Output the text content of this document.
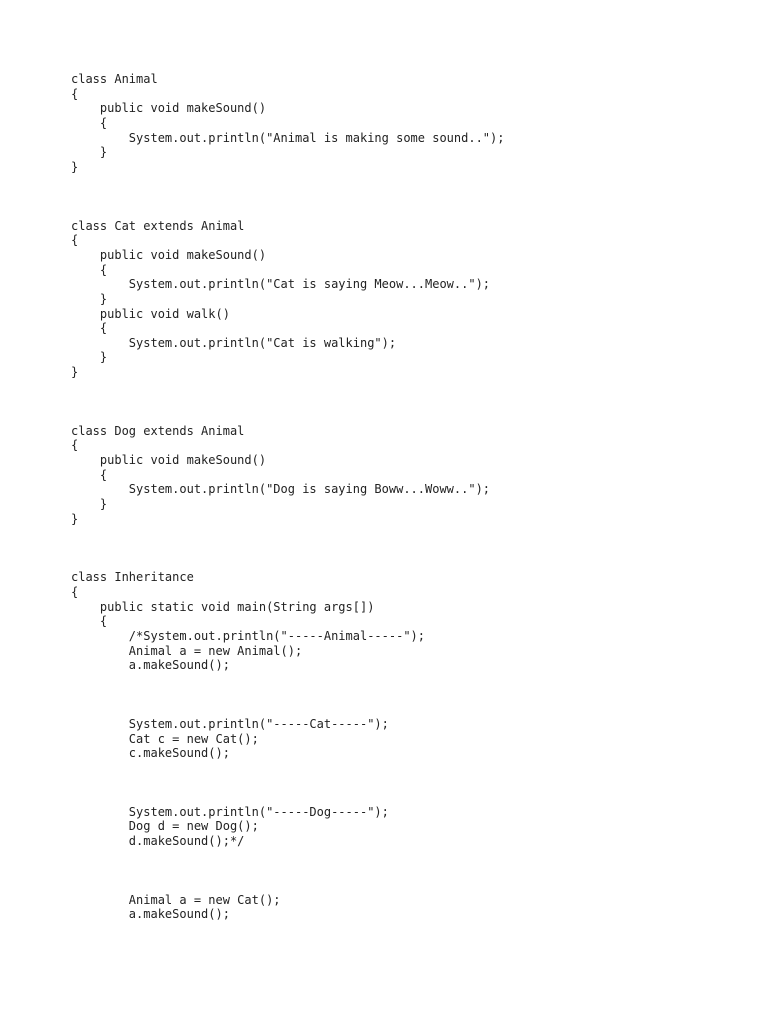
class Animal
{
public void makeSound()
{
System.out.println("Animal is making some sound..");
}
}
class Cat extends Animal
{
public void makeSound()
{
System.out.println("Cat is saying Meow...Meow..");
}
public void walk()
{
System.out.println("Cat is walking");
}
}
class Dog extends Animal
{
public void makeSound()
{
System.out.println("Dog is saying Boww...Woww..");
}
}
class Inheritance
{
public static void main(String args[])
{
/*System.out.println("-----Animal-----");
Animal a = new Animal();
a.makeSound();
System.out.println("-----Cat-----");
Cat c = new Cat();
c.makeSound();
System.out.println("-----Dog-----");
Dog d = new Dog();
d.makeSound();*/
Animal a = new Cat();
a.makeSound();
